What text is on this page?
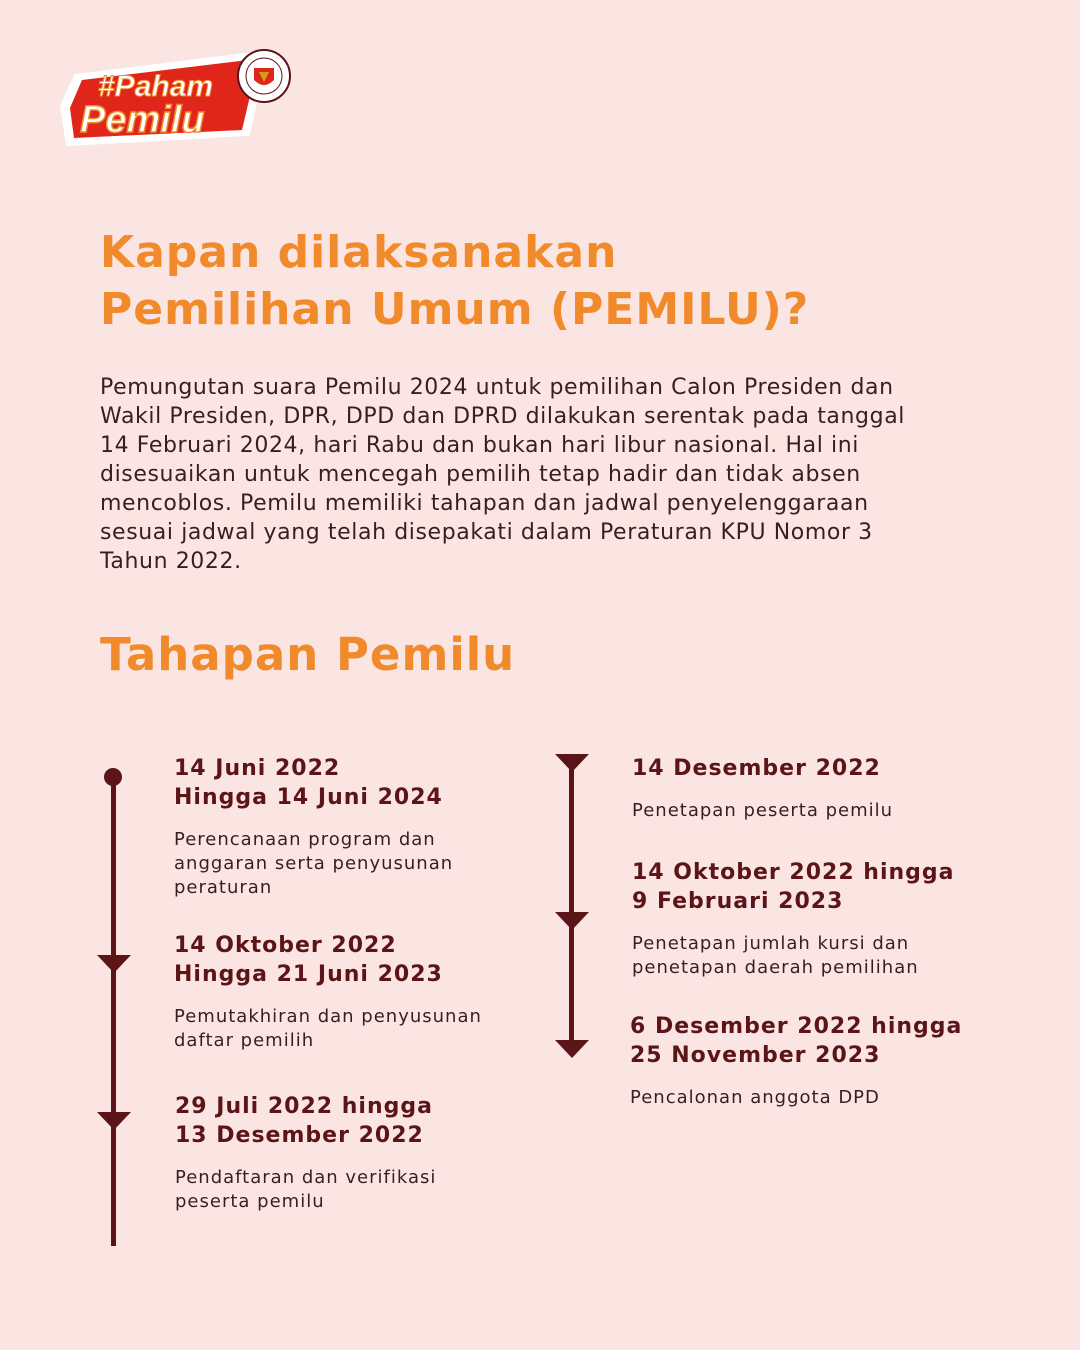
#Paham
Pemilu
Kapan dilaksanakan
Pemilihan Umum (PEMILU)?

Pemungutan suara Pemilu 2024 untuk pemilihan Calon Presiden dan Wakil Presiden, DPR, DPD dan DPRD dilakukan serentak pada tanggal 14 Februari 2024, hari Rabu dan bukan hari libur nasional. Hal ini disesuaikan untuk mencegah pemilih tetap hadir dan tidak absen mencoblos. Pemilu memiliki tahapan dan jadwal penyelenggaraan sesuai jadwal yang telah disepakati dalam Peraturan KPU Nomor 3 Tahun 2022.

Tahapan Pemilu

14 Juni 2022
Hingga 14 Juni 2024

Perencanaan program dan
anggaran serta penyusunan
peraturan

14 Oktober 2022
Hingga 21 Juni 2023

Pemutakhiran dan penyusunan
daftar pemilih

29 Juli 2022 hingga
13 Desember 2022

Pendaftaran dan verifikasi
peserta pemilu

14 Desember 2022

Penetapan peserta pemilu

14 Oktober 2022 hingga
9 Februari 2023

Penetapan jumlah kursi dan
penetapan daerah pemilihan

6 Desember 2022 hingga
25 November 2023

Pencalonan anggota DPD
